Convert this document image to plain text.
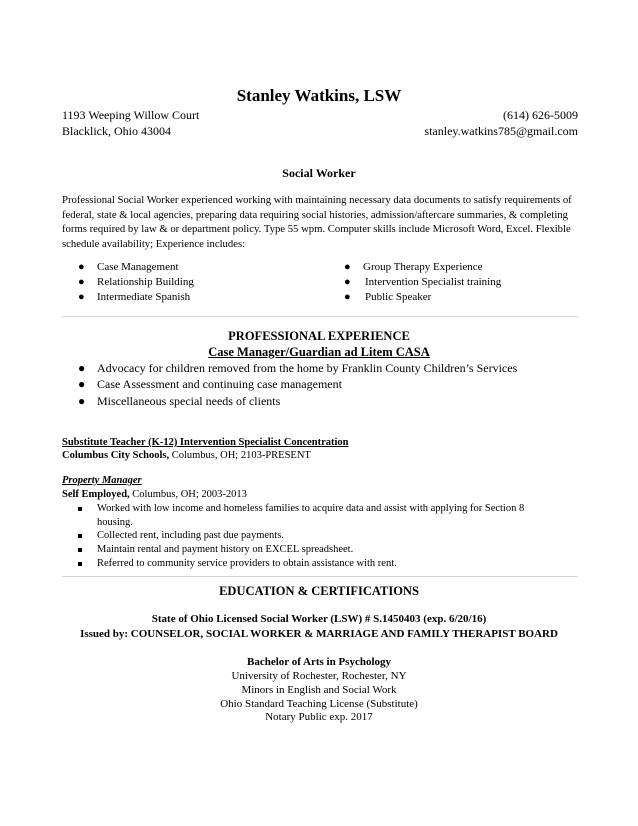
Stanley Watkins, LSW
1193 Weeping Willow Court
Blacklick, Ohio 43004
(614) 626-5009
stanley.watkins785@gmail.com
Social Worker
Professional Social Worker experienced working with maintaining necessary data documents to satisfy requirements of federal, state & local agencies, preparing data requiring social histories, admission/aftercare summaries, & completing forms required by law & or department policy. Type 55 wpm. Computer skills include Microsoft Word, Excel. Flexible schedule availability; Experience includes:
● Case Management
● Relationship Building
● Intermediate Spanish
● Group Therapy Experience
● Intervention Specialist training
● Public Speaker
PROFESSIONAL EXPERIENCE
Case Manager/Guardian ad Litem CASA
● Advocacy for children removed from the home by Franklin County Children’s Services
● Case Assessment and continuing case management
● Miscellaneous special needs of clients
Substitute Teacher (K-12) Intervention Specialist Concentration
Columbus City Schools, Columbus, OH; 2103-PRESENT
Property Manager
Self Employed, Columbus, OH; 2003-2013
Worked with low income and homeless families to acquire data and assist with applying for Section 8
housing.
Collected rent, including past due payments.
Maintain rental and payment history on EXCEL spreadsheet.
Referred to community service providers to obtain assistance with rent.
EDUCATION & CERTIFICATIONS
State of Ohio Licensed Social Worker (LSW) # S.1450403 (exp. 6/20/16)
Issued by: COUNSELOR, SOCIAL WORKER & MARRIAGE AND FAMILY THERAPIST BOARD
Bachelor of Arts in Psychology
University of Rochester, Rochester, NY
Minors in English and Social Work
Ohio Standard Teaching License (Substitute)
Notary Public exp. 2017
